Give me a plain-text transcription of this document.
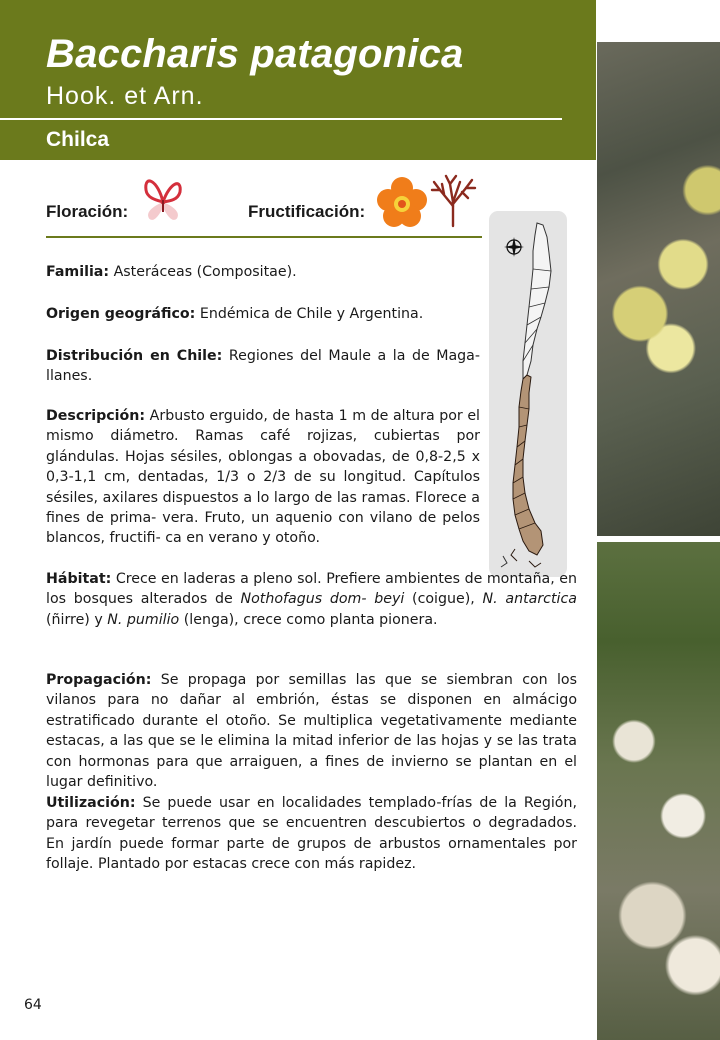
Baccharis patagonica
Hook. et Arn.
Chilca
Floración:	Fructificación:
Familia: Asteráceas (Compositae).
Origen geográfico: Endémica de Chile y Argentina.
Distribución en Chile: Regiones del Maule a la de Maga- llanes.
Descripción: Arbusto erguido, de hasta 1 m de altura por el mismo diámetro. Ramas café rojizas, cubiertas por glándulas. Hojas sésiles, oblongas a obovadas, de 0,8-2,5 x 0,3-1,1 cm, dentadas, 1/3 o 2/3 de su longitud. Capítulos sésiles, axilares dispuestos a lo largo de las ramas. Florece a fines de prima- vera. Fruto, un aquenio con vilano de pelos blancos, fructifi- ca en verano y otoño.
Hábitat: Crece en laderas a pleno sol. Prefiere ambientes de montaña, en los bosques alterados de Nothofagus dom- beyi (coigue), N. antarctica (ñirre) y N. pumilio (lenga), crece como planta pionera.
Propagación: Se propaga por semillas las que se siembran con los vilanos para no dañar al embrión, éstas se disponen en almácigo estratificado durante el otoño. Se multiplica vegetativamente mediante estacas, a las que se le elimina la mitad inferior de las hojas y se las trata con hormonas para que arraiguen, a fines de invierno se plantan en el lugar definitivo.
Utilización: Se puede usar en localidades templado-frías de la Región, para revegetar terrenos que se encuentren descubiertos o degradados. En jardín puede formar parte de grupos de arbustos ornamentales por follaje. Plantado por estacas crece con más rapidez.
64
